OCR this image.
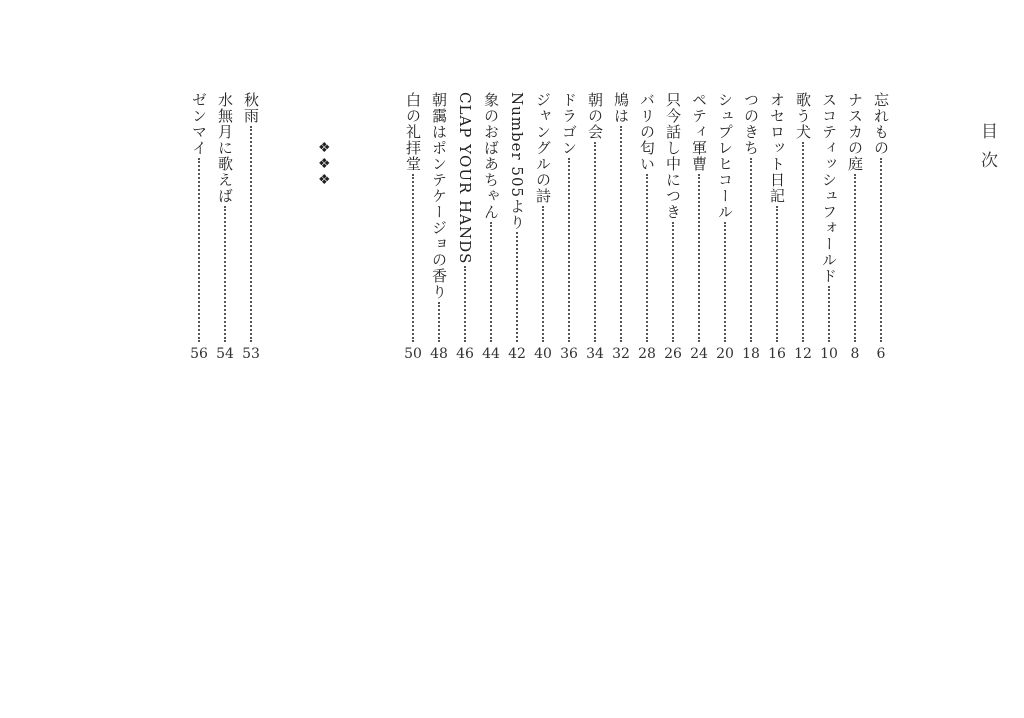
目次
忘れもの
6
ナスカの庭
8
スコティッシュフォールド
10
歌う犬
12
オセロット日記
16
つのきち
18
シュプレヒコール
20
ペティ軍曹
24
只今話し中につき
26
バリの匂い
28
鳩は
32
朝の会
34
ドラゴン
36
ジャングルの詩
40
Number 505より
42
象のおばあちゃん
44
CLAP YOUR HANDS
46
朝靄はポンテケージョの香り
48
白の礼拝堂
50
❖
❖
❖
秋雨
53
水無月に歌えば
54
ゼンマイ
56
